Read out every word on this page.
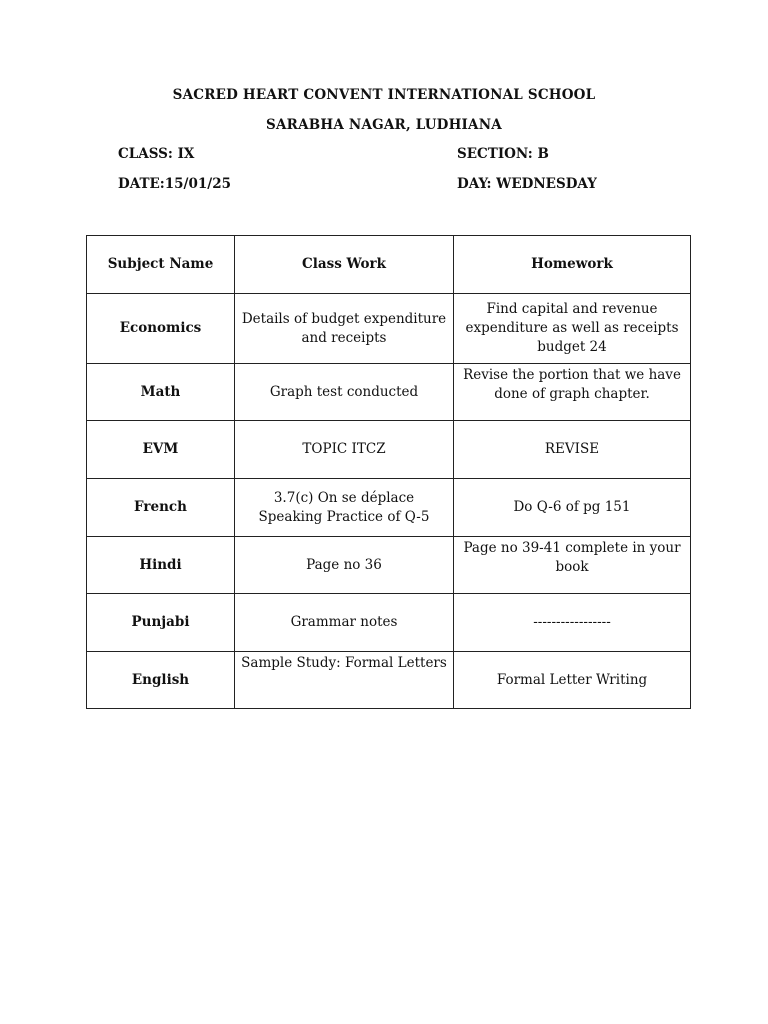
SACRED HEART CONVENT INTERNATIONAL SCHOOL
SARABHA NAGAR, LUDHIANA
CLASS: IX	SECTION: B
DATE:15/01/25	DAY: WEDNESDAY
Subject Name	Class Work	Homework
Economics	Details of budget expenditure and receipts	Find capital and revenue expenditure as well as receipts budget 24
Math	Graph test conducted	Revise the portion that we have done of graph chapter.
EVM	TOPIC ITCZ	REVISE
French	3.7(c) On se déplace Speaking Practice of Q-5	Do Q-6 of pg 151
Hindi	Page no 36	Page no 39-41 complete in your book
Punjabi	Grammar notes	-----------------
English	Sample Study: Formal Letters	Formal Letter Writing
